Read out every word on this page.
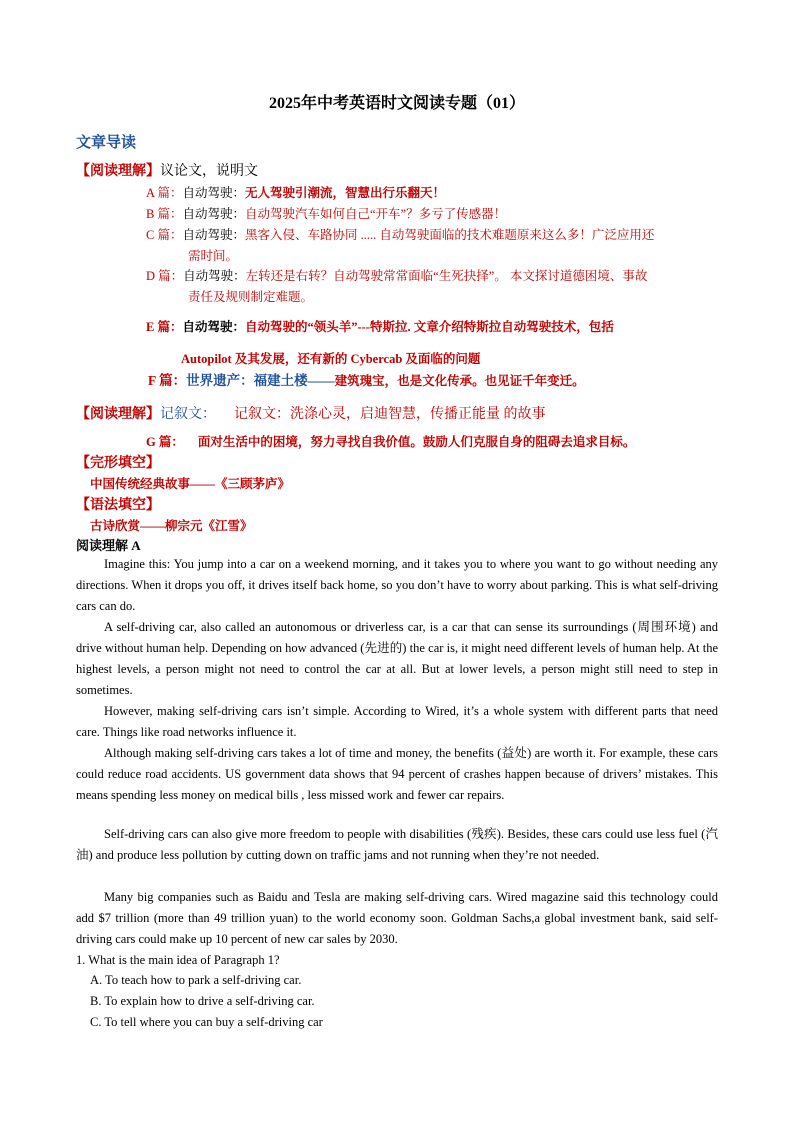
2025年中考英语时文阅读专题（01）
文章导读
【阅读理解】议论文，说明文
A 篇：自动驾驶：无人驾驶引潮流，智慧出行乐翻天！
B 篇：自动驾驶：自动驾驶汽车如何自己“开车”？多亏了传感器！
C 篇：自动驾驶：黑客入侵、车路协同 ..... 自动驾驶面临的技术难题原来这么多！广泛应用还
需时间。
D 篇：自动驾驶：左转还是右转？自动驾驶常常面临“生死抉择”。 本文探讨道德困境、事故
责任及规则制定难题。
E 篇：自动驾驶：自动驾驶的“领头羊”---特斯拉. 文章介绍特斯拉自动驾驶技术，包括
Autopilot 及其发展，还有新的 Cybercab 及面临的问题
F 篇：世界遗产：福建土楼——建筑瑰宝，也是文化传承。也见证千年变迁。
【阅读理解】记叙文： 记叙文：洗涤心灵，启迪智慧，传播正能量 的故事
G 篇： 面对生活中的困境，努力寻找自我价值。鼓励人们克服自身的阻碍去追求目标。
【完形填空】
中国传统经典故事——《三顾茅庐》
【语法填空】
古诗欣赏——柳宗元《江雪》
阅读理解 A

Imagine this: You jump into a car on a weekend morning, and it takes you to where you want to go without needing any directions. When it drops you off, it drives itself back home, so you don’t have to worry about parking. This is what self-driving cars can do.

A self-driving car, also called an autonomous or driverless car, is a car that can sense its surroundings (周围环境) and drive without human help. Depending on how advanced (先进的) the car is, it might need different levels of human help. At the highest levels, a person might not need to control the car at all. But at lower levels, a person might still need to step in sometimes.

However, making self-driving cars isn’t simple. According to Wired, it’s a whole system with different parts that need care. Things like road networks influence it.

Although making self-driving cars takes a lot of time and money, the benefits (益处) are worth it. For example, these cars could reduce road accidents. US government data shows that 94 percent of crashes happen because of drivers’ mistakes. This means spending less money on medical bills , less missed work and fewer car repairs.

Self-driving cars can also give more freedom to people with disabilities (残疾). Besides, these cars could use less fuel (汽油) and produce less pollution by cutting down on traffic jams and not running when they’re not needed.

Many big companies such as Baidu and Tesla are making self-driving cars. Wired magazine said this technology could add $7 trillion (more than 49 trillion yuan) to the world economy soon. Goldman Sachs,a global investment bank, said self-driving cars could make up 10 percent of new car sales by 2030.

1. What is the main idea of Paragraph 1?
A. To teach how to park a self-driving car.
B. To explain how to drive a self-driving car.
C. To tell where you can buy a self-driving car
